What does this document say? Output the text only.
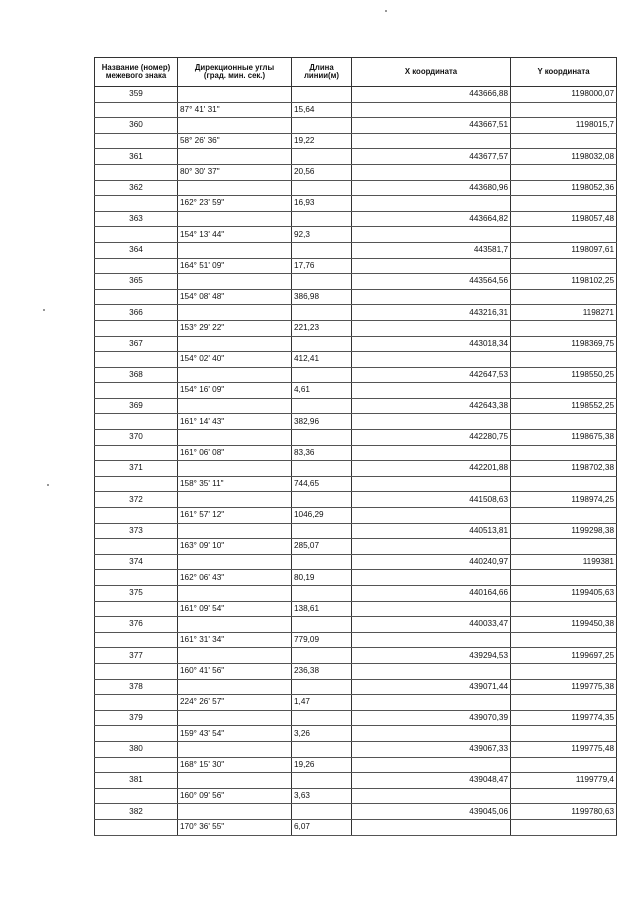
Название (номер)
межевого знака	Дирекционные углы
(град. мин. сек.)	Длина линии(м)	X координата	Y координата
359			443666,88	1198000,07
	87° 41' 31"	15,64		
360			443667,51	1198015,7
	58° 26' 36"	19,22		
361			443677,57	1198032,08
	80° 30' 37"	20,56		
362			443680,96	1198052,36
	162° 23' 59"	16,93		
363			443664,82	1198057,48
	154° 13' 44"	92,3		
364			443581,7	1198097,61
	164° 51' 09"	17,76		
365			443564,56	1198102,25
	154° 08' 48"	386,98		
366			443216,31	1198271
	153° 29' 22"	221,23		
367			443018,34	1198369,75
	154° 02' 40"	412,41		
368			442647,53	1198550,25
	154° 16' 09"	4,61		
369			442643,38	1198552,25
	161° 14' 43"	382,96		
370			442280,75	1198675,38
	161° 06' 08"	83,36		
371			442201,88	1198702,38
	158° 35' 11"	744,65		
372			441508,63	1198974,25
	161° 57' 12"	1046,29		
373			440513,81	1199298,38
	163° 09' 10"	285,07		
374			440240,97	1199381
	162° 06' 43"	80,19		
375			440164,66	1199405,63
	161° 09' 54"	138,61		
376			440033,47	1199450,38
	161° 31' 34"	779,09		
377			439294,53	1199697,25
	160° 41' 56"	236,38		
378			439071,44	1199775,38
	224° 26' 57"	1,47		
379			439070,39	1199774,35
	159° 43' 54"	3,26		
380			439067,33	1199775,48
	168° 15' 30"	19,26		
381			439048,47	1199779,4
	160° 09' 56"	3,63		
382			439045,06	1199780,63
	170° 36' 55"	6,07		
